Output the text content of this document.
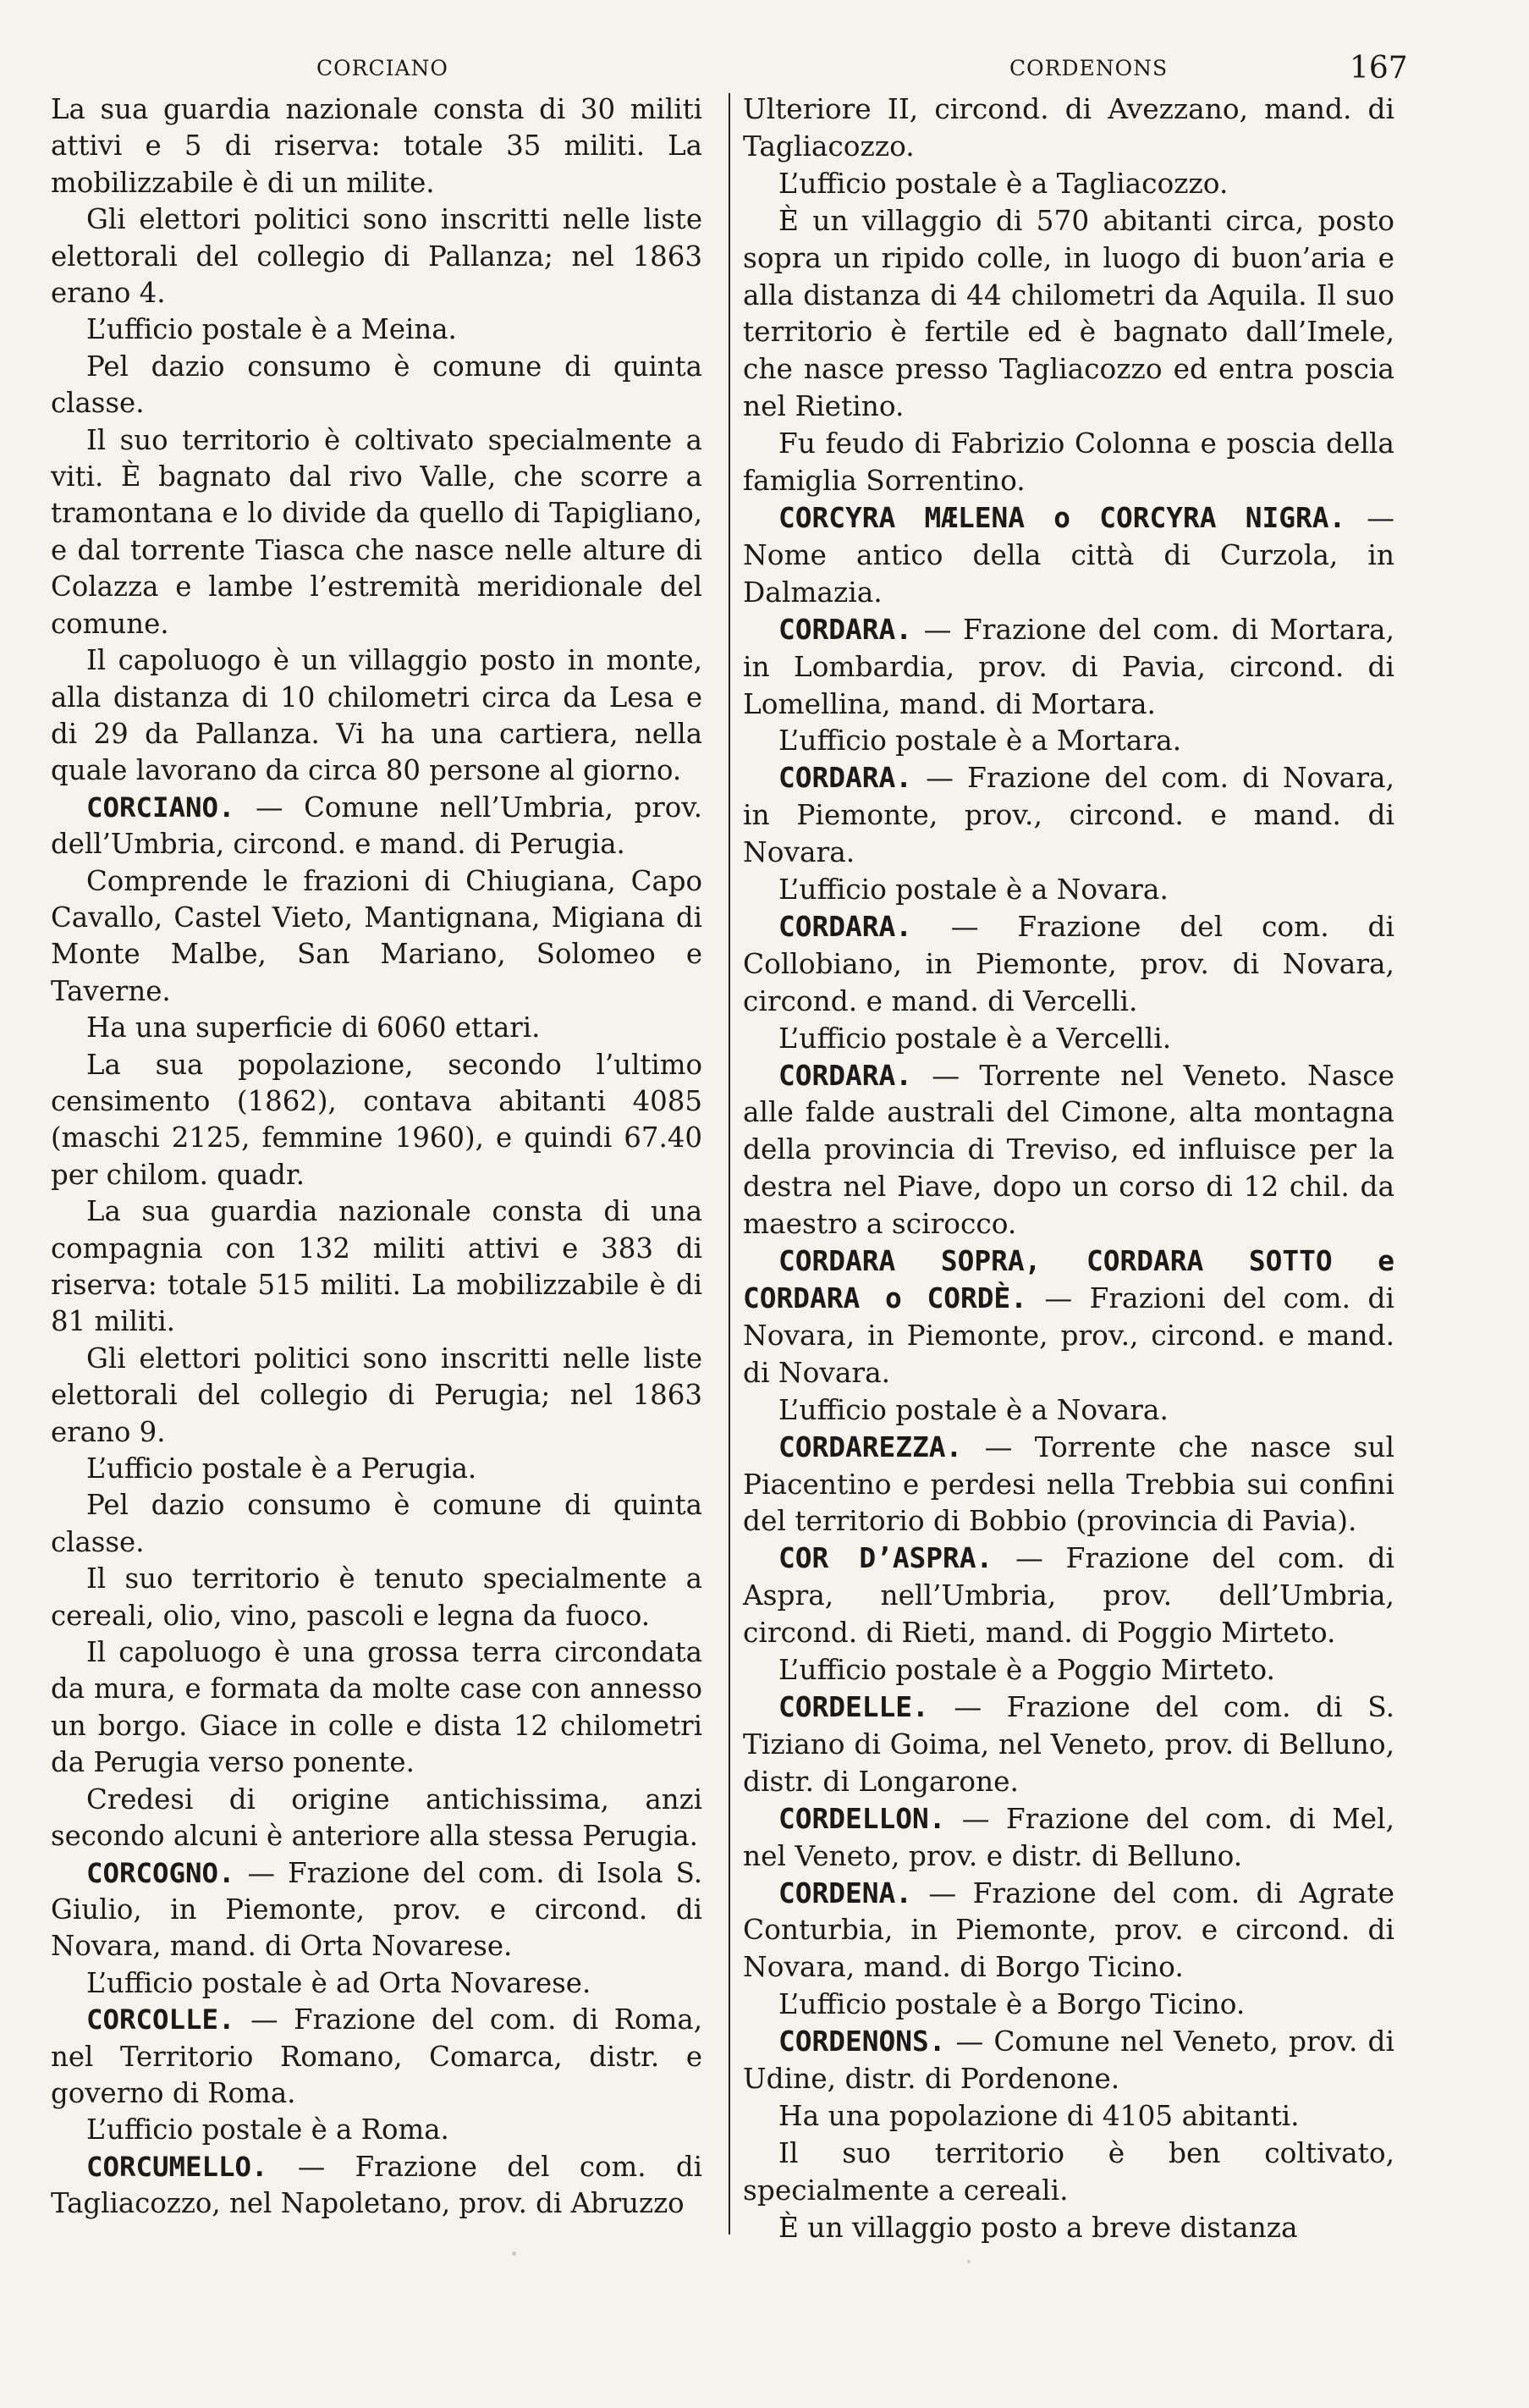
CORCIANO	CORDENONS	167

La sua guardia nazionale consta di 30 militi attivi e 5 di riserva: totale 35 militi. La mobilizzabile è di un milite.

Gli elettori politici sono inscritti nelle liste elettorali del collegio di Pallanza; nel 1863 erano 4.

L’ufficio postale è a Meina.

Pel dazio consumo è comune di quinta classe.

Il suo territorio è coltivato specialmente a viti. È bagnato dal rivo Valle, che scorre a tramontana e lo divide da quello di Tapigliano, e dal torrente Tiasca che nasce nelle alture di Colazza e lambe l’estremità meridionale del comune.

Il capoluogo è un villaggio posto in monte, alla distanza di 10 chilometri circa da Lesa e di 29 da Pallanza. Vi ha una cartiera, nella quale lavorano da circa 80 persone al giorno.

CORCIANO. — Comune nell’Umbria, prov. dell’Umbria, circond. e mand. di Perugia.

Comprende le frazioni di Chiugiana, Capo Cavallo, Castel Vieto, Mantignana, Migiana di Monte Malbe, San Mariano, Solomeo e Taverne.

Ha una superficie di 6060 ettari.

La sua popolazione, secondo l’ultimo censimento (1862), contava abitanti 4085 (maschi 2125, femmine 1960), e quindi 67.40 per chilom. quadr.

La sua guardia nazionale consta di una compagnia con 132 militi attivi e 383 di riserva: totale 515 militi. La mobilizzabile è di 81 militi.

Gli elettori politici sono inscritti nelle liste elettorali del collegio di Perugia; nel 1863 erano 9.

L’ufficio postale è a Perugia.

Pel dazio consumo è comune di quinta classe.

Il suo territorio è tenuto specialmente a cereali, olio, vino, pascoli e legna da fuoco.

Il capoluogo è una grossa terra circondata da mura, e formata da molte case con annesso un borgo. Giace in colle e dista 12 chilometri da Perugia verso ponente.

Credesi di origine antichissima, anzi secondo alcuni è anteriore alla stessa Perugia.

CORCOGNO. — Frazione del com. di Isola S. Giulio, in Piemonte, prov. e circond. di Novara, mand. di Orta Novarese.

L’ufficio postale è ad Orta Novarese.

CORCOLLE. — Frazione del com. di Roma, nel Territorio Romano, Comarca, distr. e governo di Roma.

L’ufficio postale è a Roma.

CORCUMELLO. — Frazione del com. di Tagliacozzo, nel Napoletano, prov. di Abruzzo

Ulteriore II, circond. di Avezzano, mand. di Tagliacozzo.

L’ufficio postale è a Tagliacozzo.

È un villaggio di 570 abitanti circa, posto sopra un ripido colle, in luogo di buon’aria e alla distanza di 44 chilometri da Aquila. Il suo territorio è fertile ed è bagnato dall’Imele, che nasce presso Tagliacozzo ed entra poscia nel Rietino.

Fu feudo di Fabrizio Colonna e poscia della famiglia Sorrentino.

CORCYRA MÆLENA o CORCYRA NIGRA. — Nome antico della città di Curzola, in Dalmazia.

CORDARA. — Frazione del com. di Mortara, in Lombardia, prov. di Pavia, circond. di Lomellina, mand. di Mortara.

L’ufficio postale è a Mortara.

CORDARA. — Frazione del com. di Novara, in Piemonte, prov., circond. e mand. di Novara.

L’ufficio postale è a Novara.

CORDARA. — Frazione del com. di Collobiano, in Piemonte, prov. di Novara, circond. e mand. di Vercelli.

L’ufficio postale è a Vercelli.

CORDARA. — Torrente nel Veneto. Nasce alle falde australi del Cimone, alta montagna della provincia di Treviso, ed influisce per la destra nel Piave, dopo un corso di 12 chil. da maestro a scirocco.

CORDARA SOPRA, CORDARA SOTTO e CORDARA o CORDÈ. — Frazioni del com. di Novara, in Piemonte, prov., circond. e mand. di Novara.

L’ufficio postale è a Novara.

CORDAREZZA. — Torrente che nasce sul Piacentino e perdesi nella Trebbia sui confini del territorio di Bobbio (provincia di Pavia).

COR D’ASPRA. — Frazione del com. di Aspra, nell’Umbria, prov. dell’Umbria, circond. di Rieti, mand. di Poggio Mirteto.

L’ufficio postale è a Poggio Mirteto.

CORDELLE. — Frazione del com. di S. Tiziano di Goima, nel Veneto, prov. di Belluno, distr. di Longarone.

CORDELLON. — Frazione del com. di Mel, nel Veneto, prov. e distr. di Belluno.

CORDENA. — Frazione del com. di Agrate Conturbia, in Piemonte, prov. e circond. di Novara, mand. di Borgo Ticino.

L’ufficio postale è a Borgo Ticino.

CORDENONS. — Comune nel Veneto, prov. di Udine, distr. di Pordenone.

Ha una popolazione di 4105 abitanti.

Il suo territorio è ben coltivato, specialmente a cereali.

È un villaggio posto a breve distanza
